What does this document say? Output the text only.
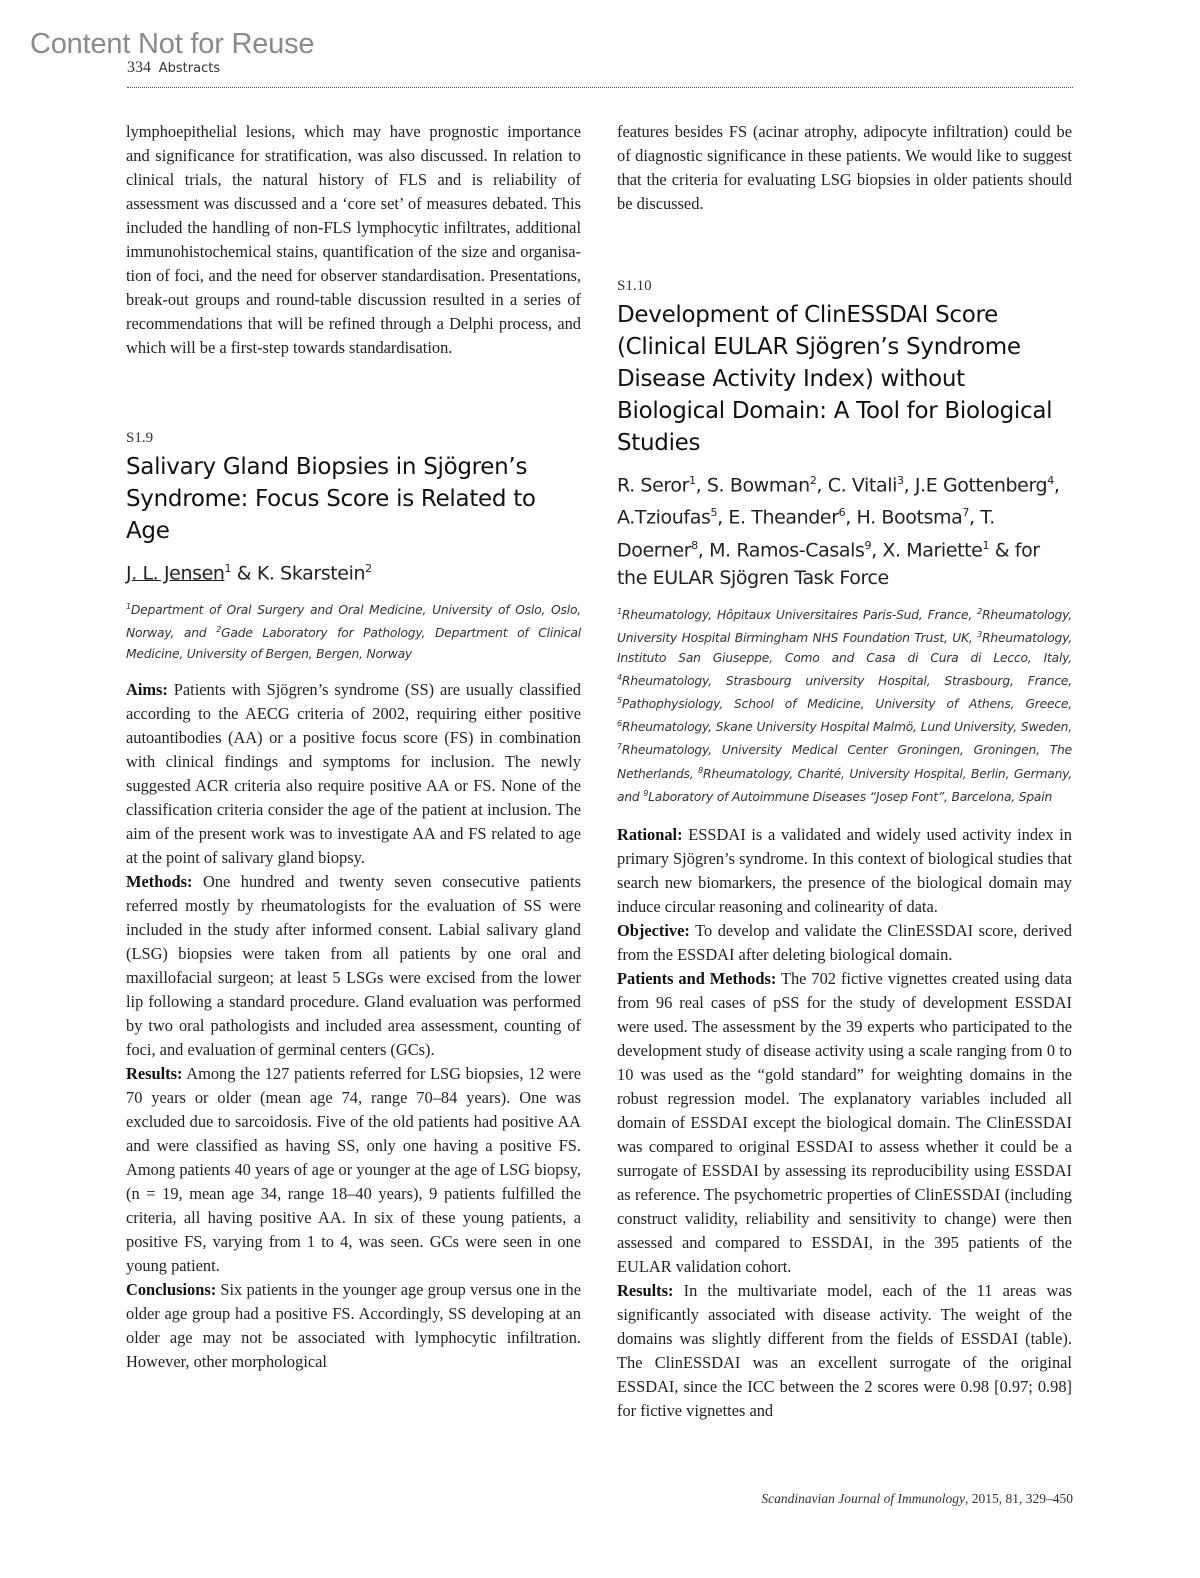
Content Not for Reuse
334 Abstracts

lymphoepithelial lesions, which may have prognostic importance and significance for stratification, was also discussed. In relation to clinical trials, the natural history of FLS and is reliability of assessment was discussed and a ‘core set’ of measures debated. This included the handling of non-FLS lymphocytic infiltrates, additional immunohistochemical stains, quantification of the size and organisation of foci, and the need for observer standardisation. Presentations, break-out groups and round-table discussion resulted in a series of recommendations that will be refined through a Delphi process, and which will be a first-step towards standardisation.

S1.9

Salivary Gland Biopsies in Sjögren’s Syndrome: Focus Score is Related to Age

J. L. Jensen$^1$ & K. Skarstein$^2$

$^1$Department of Oral Surgery and Oral Medicine, University of Oslo, Oslo, Norway, and $^2$Gade Laboratory for Pathology, Department of Clinical Medicine, University of Bergen, Bergen, Norway

Aims: Patients with Sjögren’s syndrome (SS) are usually classified according to the AECG criteria of 2002, requiring either positive autoantibodies (AA) or a positive focus score (FS) in combination with clinical findings and symptoms for inclusion. The newly suggested ACR criteria also require positive AA or FS. None of the classification criteria consider the age of the patient at inclusion. The aim of the present work was to investigate AA and FS related to age at the point of salivary gland biopsy.

Methods: One hundred and twenty seven consecutive patients referred mostly by rheumatologists for the evaluation of SS were included in the study after informed consent. Labial salivary gland (LSG) biopsies were taken from all patients by one oral and maxillofacial surgeon; at least 5 LSGs were excised from the lower lip following a standard procedure. Gland evaluation was performed by two oral pathologists and included area assessment, counting of foci, and evaluation of germinal centers (GCs).

Results: Among the 127 patients referred for LSG biopsies, 12 were 70 years or older (mean age 74, range 70–84 years). One was excluded due to sarcoidosis. Five of the old patients had positive AA and were classified as having SS, only one having a positive FS. Among patients 40 years of age or younger at the age of LSG biopsy, (n = 19, mean age 34, range 18–40 years), 9 patients fulfilled the criteria, all having positive AA. In six of these young patients, a positive FS, varying from 1 to 4, was seen. GCs were seen in one young patient.

Conclusions: Six patients in the younger age group versus one in the older age group had a positive FS. Accordingly, SS developing at an older age may not be associated with lymphocytic infiltration. However, other morphological

features besides FS (acinar atrophy, adipocyte infiltration) could be of diagnostic significance in these patients. We would like to suggest that the criteria for evaluating LSG biopsies in older patients should be discussed.

S1.10

Development of ClinESSDAI Score (Clinical EULAR Sjögren’s Syndrome Disease Activity Index) without Biological Domain: A Tool for Biological Studies

R. Seror$^1$, S. Bowman$^2$, C. Vitali$^3$, J.E Gottenberg$^4$, A.Tzioufas$^5$, E. Theander$^6$, H. Bootsma$^7$, T. Doerner$^8$, M. Ramos-Casals$^9$, X. Mariette$^1$ & for the EULAR Sjögren Task Force

$^1$Rheumatology, Hôpitaux Universitaires Paris-Sud, France, $^2$Rheumatology, University Hospital Birmingham NHS Foundation Trust, UK, $^3$Rheumatology, Instituto San Giuseppe, Como and Casa di Cura di Lecco, Italy, $^4$Rheumatology, Strasbourg university Hospital, Strasbourg, France, $^5$Pathophysiology, School of Medicine, University of Athens, Greece, $^6$Rheumatology, Skane University Hospital Malmö, Lund University, Sweden, $^7$Rheumatology, University Medical Center Groningen, Groningen, The Netherlands, $^8$Rheumatology, Charité, University Hospital, Berlin, Germany, and $^9$Laboratory of Autoimmune Diseases “Josep Font”, Barcelona, Spain

Rational: ESSDAI is a validated and widely used activity index in primary Sjögren’s syndrome. In this context of biological studies that search new biomarkers, the presence of the biological domain may induce circular reasoning and colinearity of data.

Objective: To develop and validate the ClinESSDAI score, derived from the ESSDAI after deleting biological domain.

Patients and Methods: The 702 fictive vignettes created using data from 96 real cases of pSS for the study of development ESSDAI were used. The assessment by the 39 experts who participated to the development study of disease activity using a scale ranging from 0 to 10 was used as the “gold standard” for weighting domains in the robust regression model. The explanatory variables included all domain of ESSDAI except the biological domain. The ClinESSDAI was compared to original ESSDAI to assess whether it could be a surrogate of ESSDAI by assessing its reproducibility using ESSDAI as reference. The psychometric properties of ClinESSDAI (including construct validity, reliability and sensitivity to change) were then assessed and compared to ESSDAI, in the 395 patients of the EULAR validation cohort.

Results: In the multivariate model, each of the 11 areas was significantly associated with disease activity. The weight of the domains was slightly different from the fields of ESSDAI (table). The ClinESSDAI was an excellent surrogate of the original ESSDAI, since the ICC between the 2 scores were 0.98 [0.97; 0.98] for fictive vignettes and

Scandinavian Journal of Immunology, 2015, 81, 329–450
